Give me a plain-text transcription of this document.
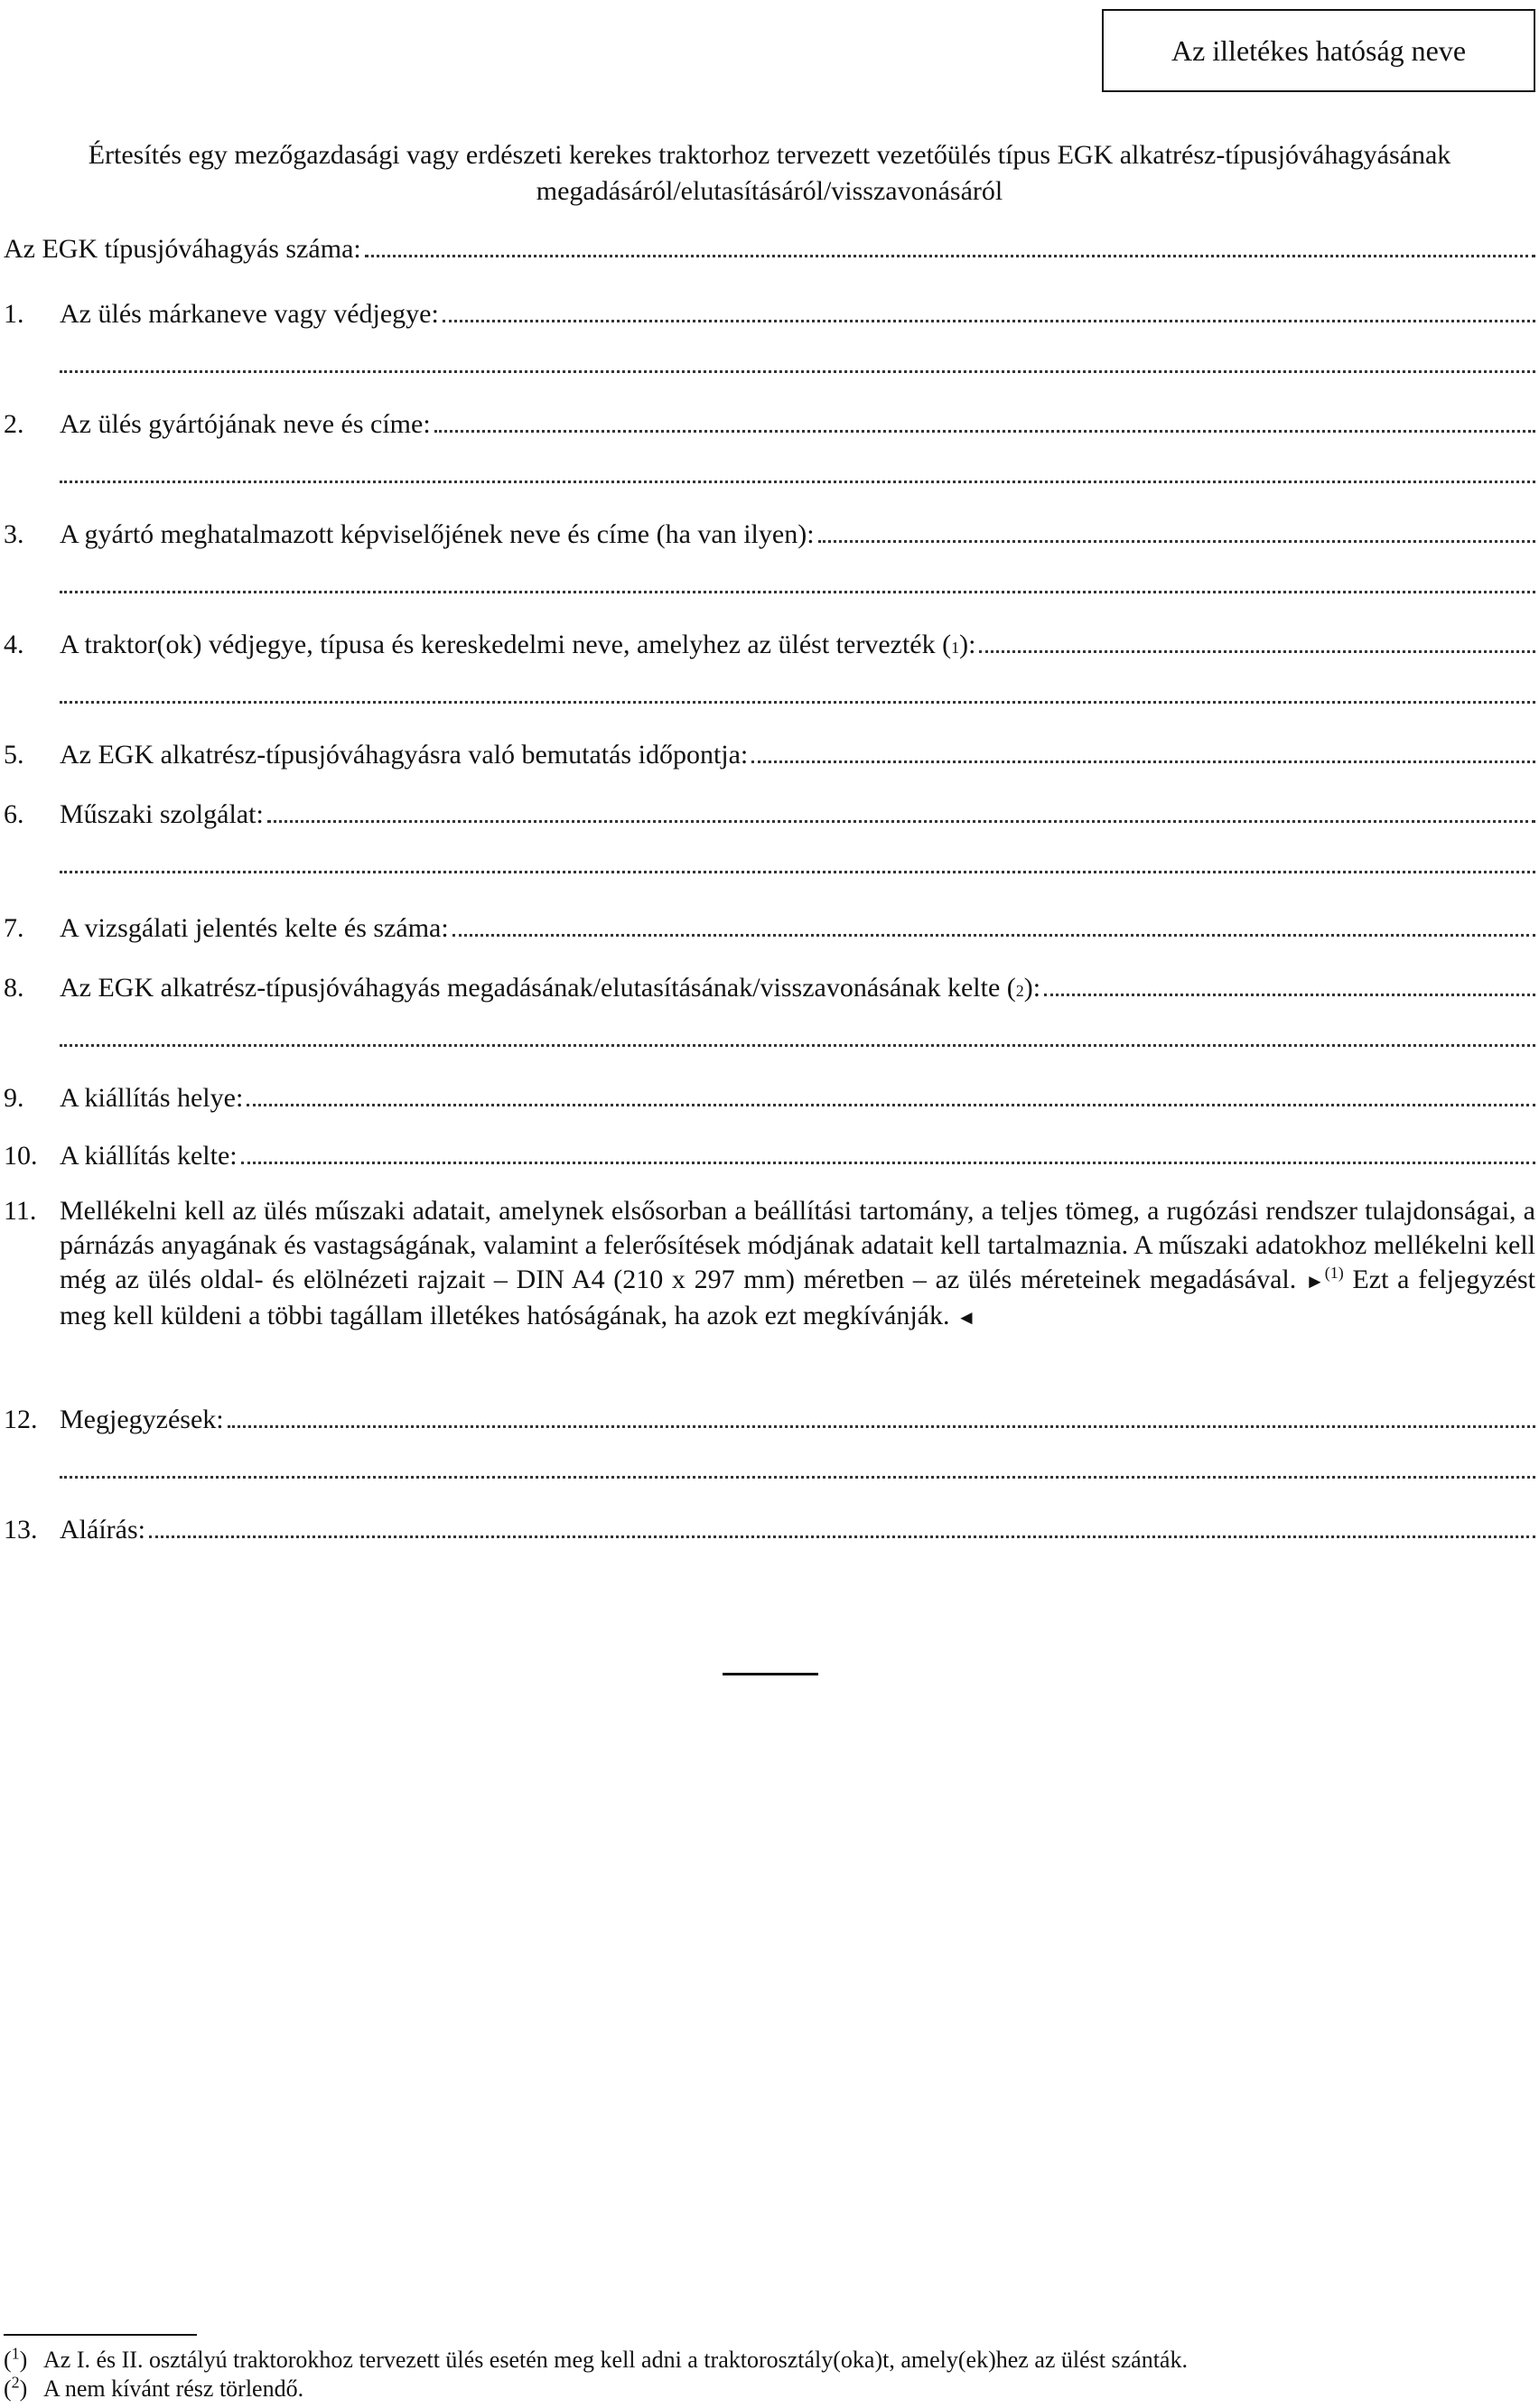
Az illetékes hatóság neve
Értesítés egy mezőgazdasági vagy erdészeti kerekes traktorhoz tervezett vezetőülés típus EGK alkatrész-típusjóváhagyásának megadásáról/elutasításáról/visszavonásáról
Az EGK típusjóváhagyás száma:
1.	Az ülés márkaneve vagy védjegye:
2.	Az ülés gyártójának neve és címe:
3.	A gyártó meghatalmazott képviselőjének neve és címe (ha van ilyen):
4.	A traktor(ok) védjegye, típusa és kereskedelmi neve, amelyhez az ülést tervezték ( 1 ):
5.	Az EGK alkatrész-típusjóváhagyásra való bemutatás időpontja:
6.	Műszaki szolgálat:
7.	A vizsgálati jelentés kelte és száma:
8.	Az EGK alkatrész-típusjóváhagyás megadásának/elutasításának/visszavonásának kelte ( 2 ):
9.	A kiállítás helye:
10. A kiállítás kelte:
11. Mellékelni kell az ülés műszaki adatait, amelynek elsősorban a beállítási tartomány, a teljes tömeg, a rugózási rendszer tulajdonságai, a párnázás anyagának és vastagságának, valamint a felerősítések módjának adatait kell tartalmaznia. A műszaki adatokhoz mellékelni kell még az ülés oldal- és elölnézeti rajzait – DIN A4 (210 x 297 mm) méretben – az ülés méreteinek megadásával. ►$^{(1)}$ Ezt a feljegyzést meg kell küldeni a többi tagállam illetékes hatóságának, ha azok ezt megkívánják. ◄
12. Megjegyzések:
13. Aláírás:
($^1$) Az I. és II. osztályú traktorokhoz tervezett ülés esetén meg kell adni a traktorosztály(oka)t, amely(ek)hez az ülést szánták.
($^2$) A nem kívánt rész törlendő.
